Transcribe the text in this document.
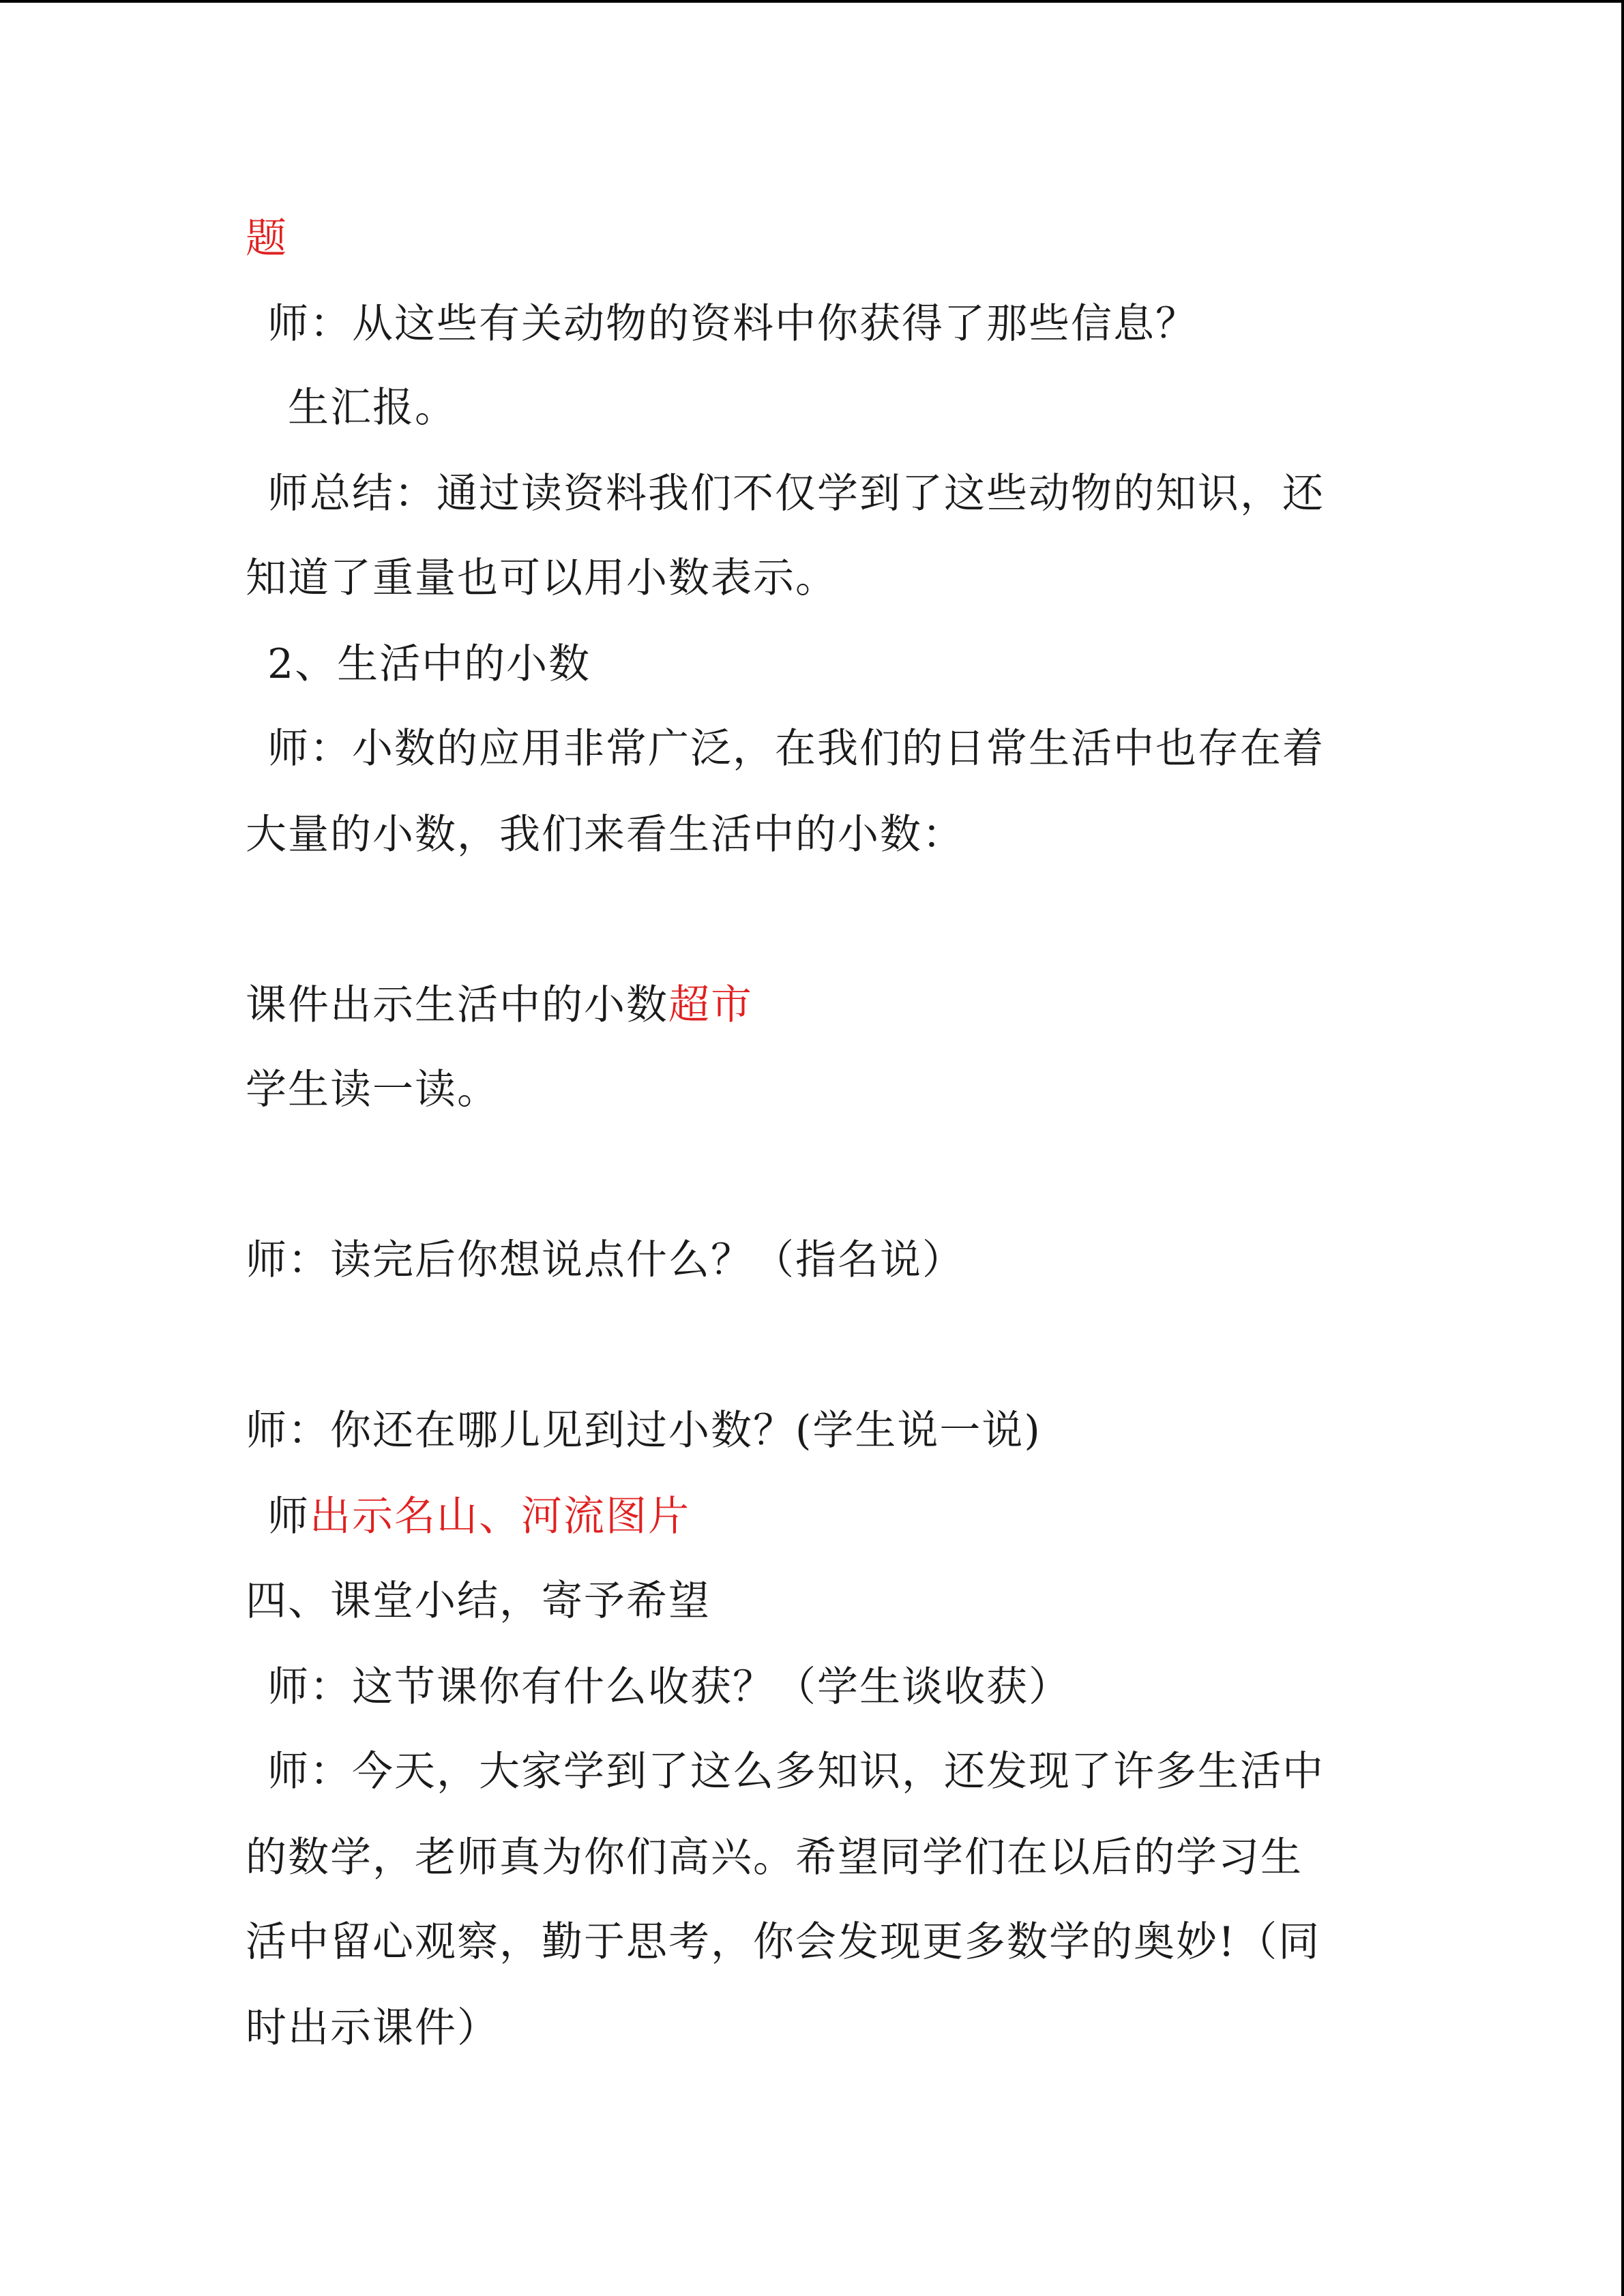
题
师：从这些有关动物的资料中你获得了那些信息？
生汇报。
师总结：通过读资料我们不仅学到了这些动物的知识，还
知道了重量也可以用小数表示。
2、生活中的小数
师：小数的应用非常广泛，在我们的日常生活中也存在着
大量的小数，我们来看生活中的小数：
课件出示生活中的小数超市
学生读一读。
师：读完后你想说点什么？（指名说）
师：你还在哪儿见到过小数？(学生说一说)
师出示名山、河流图片
四、课堂小结，寄予希望
师：这节课你有什么收获？（学生谈收获）
师：今天，大家学到了这么多知识，还发现了许多生活中
的数学，老师真为你们高兴。希望同学们在以后的学习生
活中留心观察，勤于思考，你会发现更多数学的奥妙!（同
时出示课件）
